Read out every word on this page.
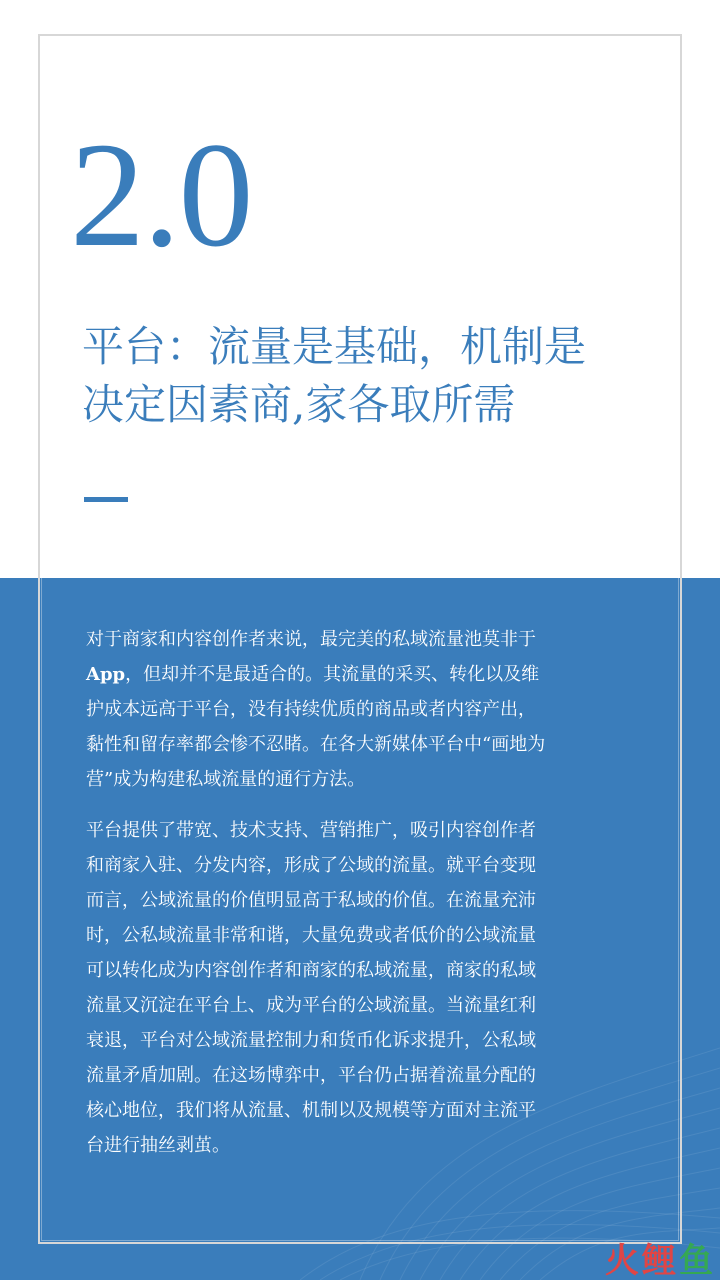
2.0
平台：流量是基础，机制是
决定因素商,家各取所需

对于商家和内容创作者来说，最完美的私域流量池莫非于
App，但却并不是最适合的。其流量的采买、转化以及维
护成本远高于平台，没有持续优质的商品或者内容产出，
黏性和留存率都会惨不忍睹。在各大新媒体平台中“画地为
营”成为构建私域流量的通行方法。

平台提供了带宽、技术支持、营销推广，吸引内容创作者
和商家入驻、分发内容，形成了公域的流量。就平台变现
而言，公域流量的价值明显高于私域的价值。在流量充沛
时，公私域流量非常和谐，大量免费或者低价的公域流量
可以转化成为内容创作者和商家的私域流量，商家的私域
流量又沉淀在平台上、成为平台的公域流量。当流量红利
衰退，平台对公域流量控制力和货币化诉求提升，公私域
流量矛盾加剧。在这场博弈中，平台仍占据着流量分配的
核心地位，我们将从流量、机制以及规模等方面对主流平
台进行抽丝剥茧。

火 鲤 鱼
